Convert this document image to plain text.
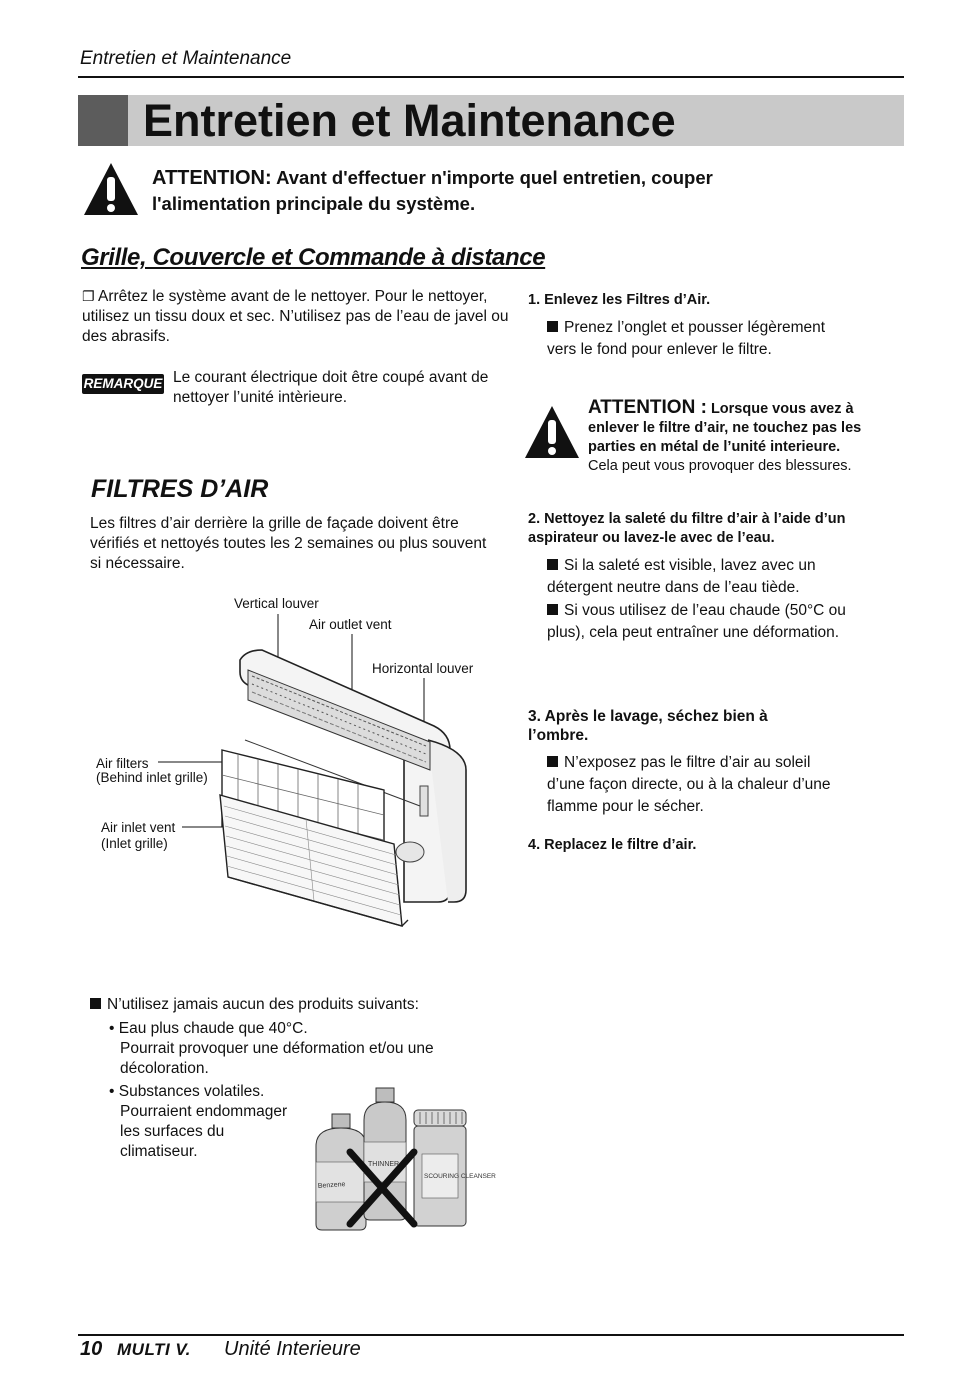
Entretien et Maintenance
Entretien et Maintenance
ATTENTION: Avant d'effectuer n'importe quel entretien, couper l'alimentation principale du système.
Grille, Couvercle et Commande à distance
❐ Arrêtez le système avant de le nettoyer. Pour le nettoyer, utilisez un tissu doux et sec. N’utilisez pas de l’eau de javel ou des abrasifs.
REMARQUE Le courant électrique doit être coupé avant de nettoyer l’unité intèrieure.
FILTRES D’AIR
Les filtres d’air derrière la grille de façade doivent être vérifiés et nettoyés toutes les 2 semaines ou plus souvent si nécessaire.
Vertical louver
Air outlet vent
Horizontal louver
Air filters
(Behind inlet grille)
Air inlet vent
(Inlet grille)
N’utilisez jamais aucun des produits suivants:
• Eau plus chaude que 40°C.
Pourrait provoquer une déformation et/ou une décoloration.
• Substances volatiles.
Pourraient endommager les surfaces du climatiseur.
Benzene
THINNER
SCOURING CLEANSER
1. Enlevez les Filtres d’Air.
Prenez l’onglet et pousser légèrement vers le fond pour enlever le filtre.
ATTENTION : Lorsque vous avez à enlever le filtre d’air, ne touchez pas les parties en métal de l’unité interieure.
Cela peut vous provoquer des blessures.
2. Nettoyez la saleté du filtre d’air à l’aide d’un aspirateur ou lavez-le avec de l’eau.
Si la saleté est visible, lavez avec un détergent neutre dans de l’eau tiède.
Si vous utilisez de l’eau chaude (50°C ou plus), cela peut entraîner une déformation.
3. Après le lavage, séchez bien à l’ombre.
N’exposez pas le filtre d’air au soleil d’une façon directe, ou à la chaleur d’une flamme pour le sécher.
4. Replacez le filtre d’air.
10 MULTI V. Unité Interieure
